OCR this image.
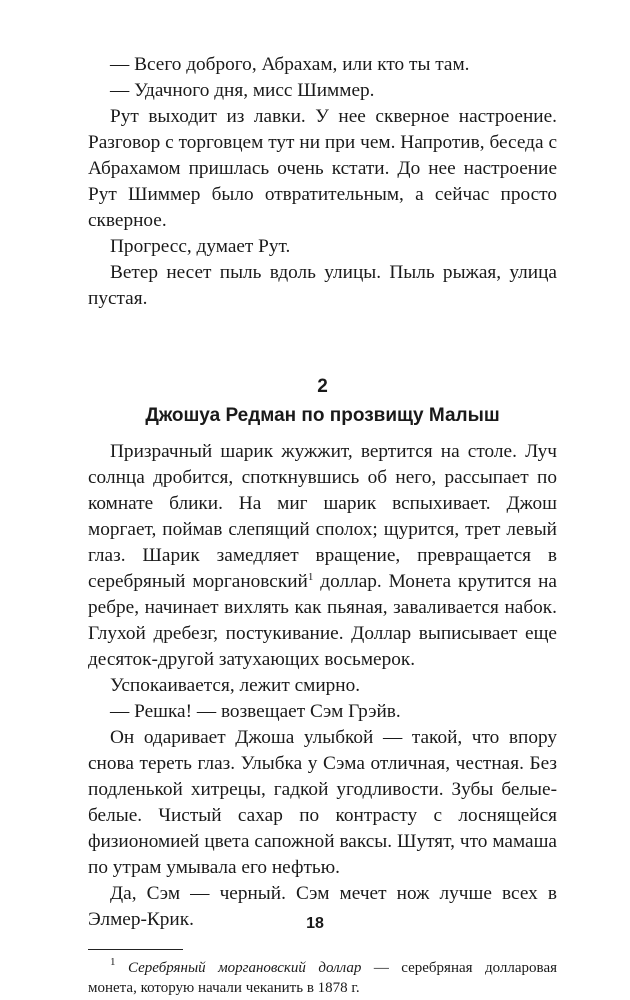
— Всего доброго, Абрахам, или кто ты там.

— Удачного дня, мисс Шиммер.

Рут выходит из лавки. У нее скверное настроение. Разговор с торговцем тут ни при чем. Напротив, беседа с Абрахамом пришлась очень кстати. До нее настроение Рут Шиммер было отвратительным, а сейчас просто скверное.

Прогресс, думает Рут.

Ветер несет пыль вдоль улицы. Пыль рыжая, улица пустая.

2

Джошуа Редман по прозвищу Малыш

Призрачный шарик жужжит, вертится на столе. Луч солнца дробится, споткнувшись об него, рассыпает по комнате блики. На миг шарик вспыхивает. Джош моргает, поймав слепящий сполох; щурится, трет левый глаз. Шарик замедляет вращение, превращается в серебряный моргановский$^1$ доллар. Монета крутится на ребре, начинает вихлять как пьяная, заваливается набок. Глухой дребезг, постукивание. Доллар выписывает еще десяток-другой затухающих восьмерок.

Успокаивается, лежит смирно.

— Решка! — возвещает Сэм Грэйв.

Он одаривает Джоша улыбкой — такой, что впору снова тереть глаз. Улыбка у Сэма отличная, честная. Без подленькой хитрецы, гадкой угодливости. Зубы белые-белые. Чистый сахар по контрасту с лоснящейся физиономией цвета сапожной ваксы. Шутят, что мамаша по утрам умывала его нефтью.

Да, Сэм — черный. Сэм мечет нож лучше всех в Элмер-Крик.

$^1$ Серебряный моргановский доллар — серебряная долларовая монета, которую начали чеканить в 1878 г.

18
